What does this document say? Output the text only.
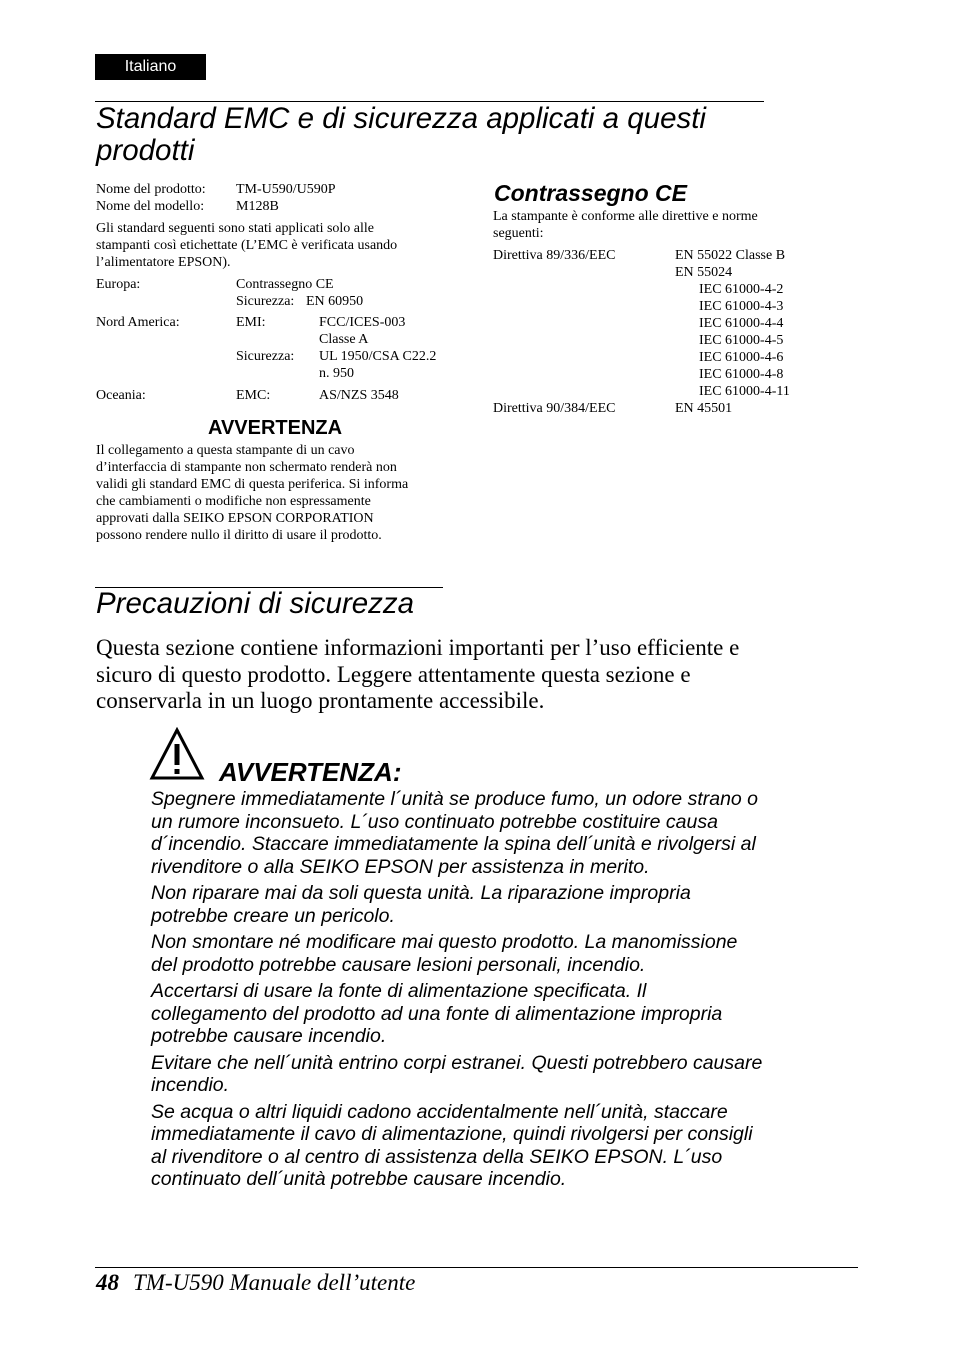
Italiano
Standard EMC e di sicurezza applicati a questi
prodotti
Nome del prodotto: TM-U590/U590P
Nome del modello: M128B
Gli standard seguenti sono stati applicati solo alle
stampanti così etichettate (L’EMC è verificata usando
l’alimentatore EPSON).
Europa:	Contrassegno CE
Sicurezza: EN 60950
Nord America:	EMI:	FCC/ICES-003
Classe A
Sicurezza: UL 1950/CSA C22.2
n. 950
Oceania:	EMC:	AS/NZS 3548
AVVERTENZA
Il collegamento a questa stampante di un cavo
d’interfaccia di stampante non schermato renderà non
validi gli standard EMC di questa periferica. Si informa
che cambiamenti o modifiche non espressamente
approvati dalla SEIKO EPSON CORPORATION
possono rendere nullo il diritto di usare il prodotto.
Contrassegno CE
La stampante è conforme alle direttive e norme
seguenti:
Direttiva 89/336/EEC	EN 55022 Classe B
EN 55024
IEC 61000-4-2
IEC 61000-4-3
IEC 61000-4-4
IEC 61000-4-5
IEC 61000-4-6
IEC 61000-4-8
IEC 61000-4-11
Direttiva 90/384/EEC	EN 45501
Precauzioni di sicurezza
Questa sezione contiene informazioni importanti per l’uso efficiente e
sicuro di questo prodotto. Leggere attentamente questa sezione e
conservarla in un luogo prontamente accessibile.
AVVERTENZA:

Spegnere immediatamente l´unità se produce fumo, un odore strano o
un rumore inconsueto. L´uso continuato potrebbe costituire causa
d´incendio. Staccare immediatamente la spina dell´unità e rivolgersi al
rivenditore o alla SEIKO EPSON per assistenza in merito.

Non riparare mai da soli questa unità. La riparazione impropria
potrebbe creare un pericolo.

Non smontare né modificare mai questo prodotto. La manomissione
del prodotto potrebbe causare lesioni personali, incendio.

Accertarsi di usare la fonte di alimentazione specificata. Il
collegamento del prodotto ad una fonte di alimentazione impropria
potrebbe causare incendio.

Evitare che nell´unità entrino corpi estranei. Questi potrebbero causare
incendio.

Se acqua o altri liquidi cadono accidentalmente nell´unità, staccare
immediatamente il cavo di alimentazione, quindi rivolgersi per consigli
al rivenditore o al centro di assistenza della SEIKO EPSON. L´uso
continuato dell´unità potrebbe causare incendio.

48 TM-U590 Manuale dell’utente
